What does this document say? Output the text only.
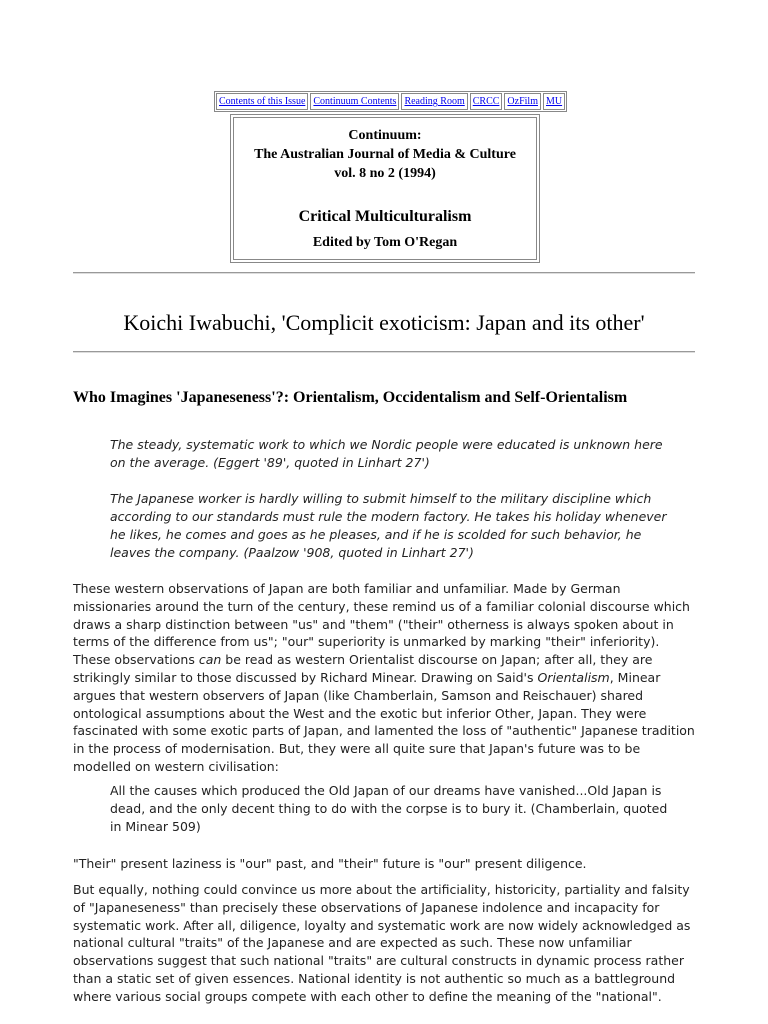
Contents of this Issue Continuum Contents Reading Room CRCC OzFilm MU
Continuum:
The Australian Journal of Media & Culture
vol. 8 no 2 (1994)
Critical Multiculturalism
Edited by Tom O'Regan
Koichi Iwabuchi, 'Complicit exoticism: Japan and its other'
Who Imagines 'Japaneseness'?: Orientalism, Occidentalism and Self-Orientalism

The steady, systematic work to which we Nordic people were educated is unknown here on the average. (Eggert '89', quoted in Linhart 27')

The Japanese worker is hardly willing to submit himself to the military discipline which according to our standards must rule the modern factory. He takes his holiday whenever he likes, he comes and goes as he pleases, and if he is scolded for such behavior, he leaves the company. (Paalzow '908, quoted in Linhart 27')

These western observations of Japan are both familiar and unfamiliar. Made by German missionaries around the turn of the century, these remind us of a familiar colonial discourse which draws a sharp distinction between "us" and "them" ("their" otherness is always spoken about in terms of the difference from us"; "our" superiority is unmarked by marking "their" inferiority). These observations can be read as western Orientalist discourse on Japan; after all, they are strikingly similar to those discussed by Richard Minear. Drawing on Said's Orientalism, Minear argues that western observers of Japan (like Chamberlain, Samson and Reischauer) shared ontological assumptions about the West and the exotic but inferior Other, Japan. They were fascinated with some exotic parts of Japan, and lamented the loss of "authentic" Japanese tradition in the process of modernisation. But, they were all quite sure that Japan's future was to be modelled on western civilisation:

All the causes which produced the Old Japan of our dreams have vanished...Old Japan is dead, and the only decent thing to do with the corpse is to bury it. (Chamberlain, quoted in Minear 509)

"Their" present laziness is "our" past, and "their" future is "our" present diligence.

But equally, nothing could convince us more about the artificiality, historicity, partiality and falsity of "Japaneseness" than precisely these observations of Japanese indolence and incapacity for systematic work. After all, diligence, loyalty and systematic work are now widely acknowledged as national cultural "traits" of the Japanese and are expected as such. These now unfamiliar observations suggest that such national "traits" are cultural constructs in dynamic process rather than a static set of given essences. National identity is not authentic so much as a battleground where various social groups compete with each other to define the meaning of the "national".
